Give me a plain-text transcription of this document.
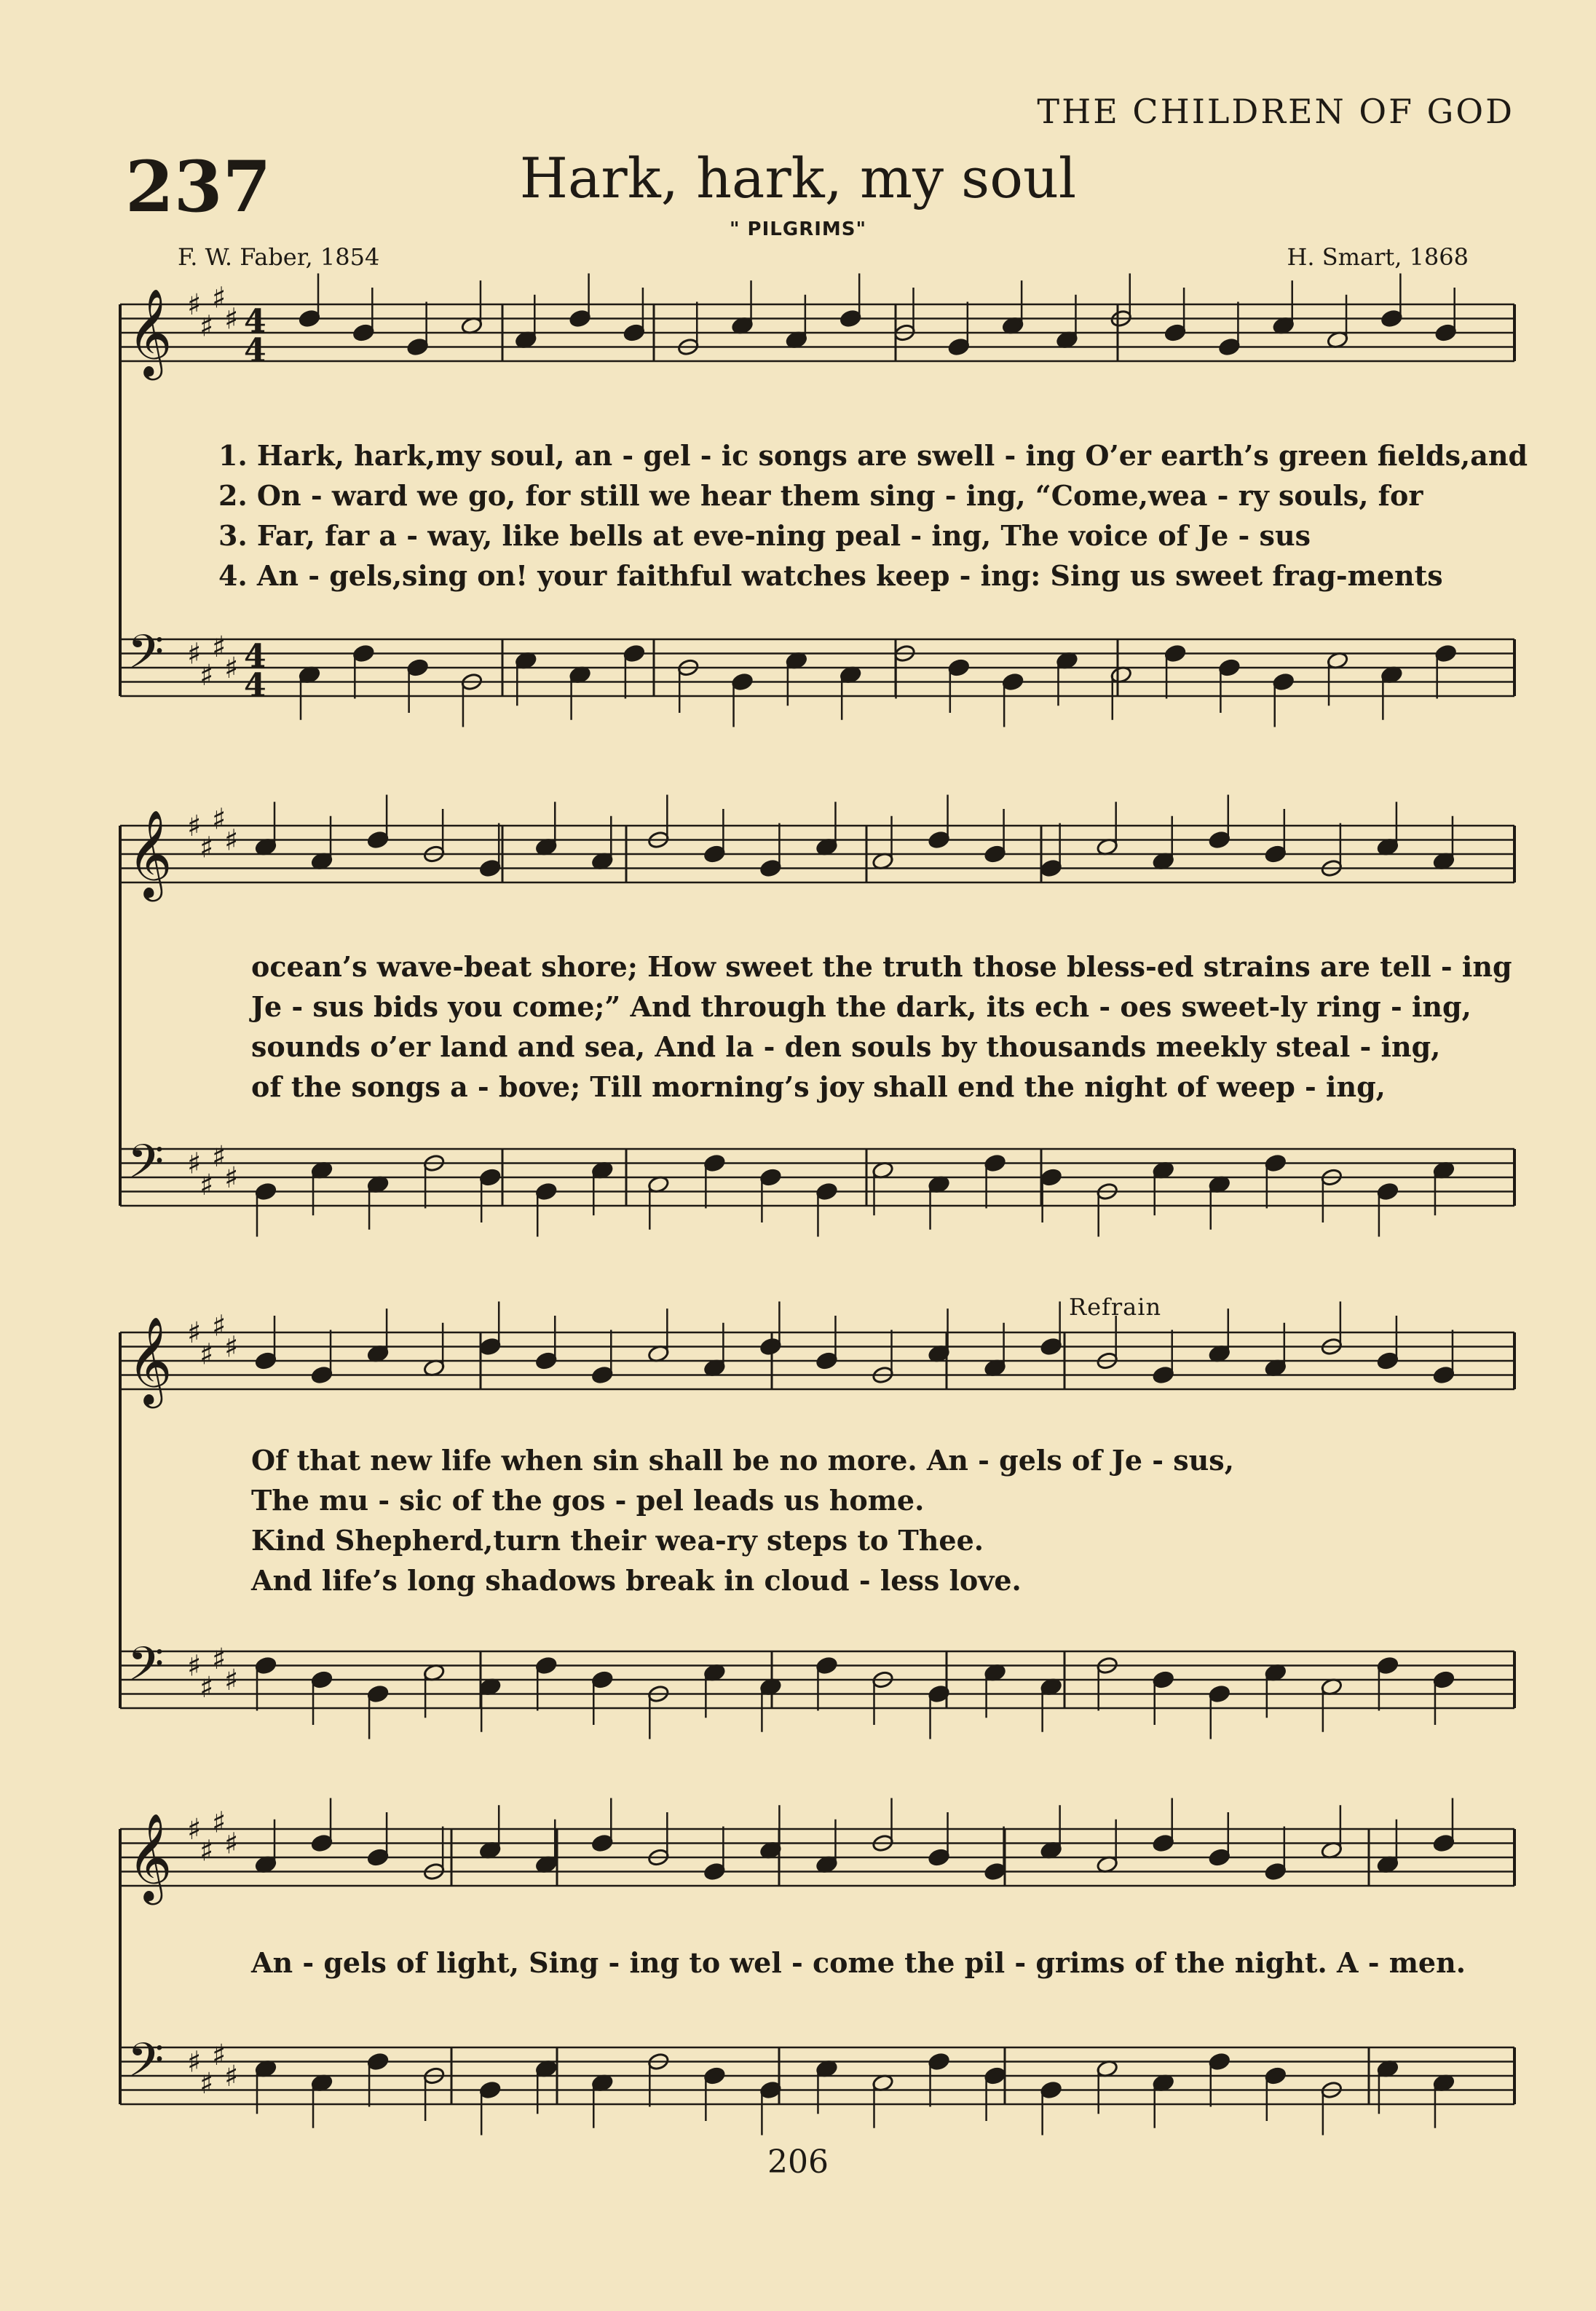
THE CHILDREN OF GOD
237	Hark, hark, my soul
" PILGRIMS"
F. W. Faber, 1854	H. Smart, 1868
Refrain
𝄞 ♯
♯
♯
♯ 4
4
𝄢 ♯
♯
♯
♯ 4
4
𝄞 ♯
♯
♯
♯
𝄢 ♯
♯
♯
♯
𝄞 ♯
♯
♯
♯
𝄢 ♯
♯
♯
♯
𝄞 ♯
♯
♯
♯
𝄢 ♯
♯
♯
♯
1. Hark, hark,my soul, an - gel - ic songs are swell - ing O’er earth’s green fields,and
2. On - ward we go, for still we hear them sing - ing, “Come,wea - ry souls, for
3. Far, far a - way, like bells at eve-ning peal - ing, The voice of Je - sus
4. An - gels,sing on! your faithful watches keep - ing: Sing us sweet frag-ments
ocean’s wave-beat shore; How sweet the truth those bless-ed strains are tell - ing
Je - sus bids you come;” And through the dark, its ech - oes sweet-ly ring - ing,
sounds o’er land and sea, And la - den souls by thousands meekly steal - ing,
of the songs a - bove; Till morning’s joy shall end the night of weep - ing,
Of that new life when sin shall be no more. An - gels of Je - sus,
The mu - sic of the gos - pel leads us home.
Kind Shepherd,turn their wea-ry steps to Thee.
And life’s long shadows break in cloud - less love.
An - gels of light, Sing - ing to wel - come the pil - grims of the night. A - men.
206
